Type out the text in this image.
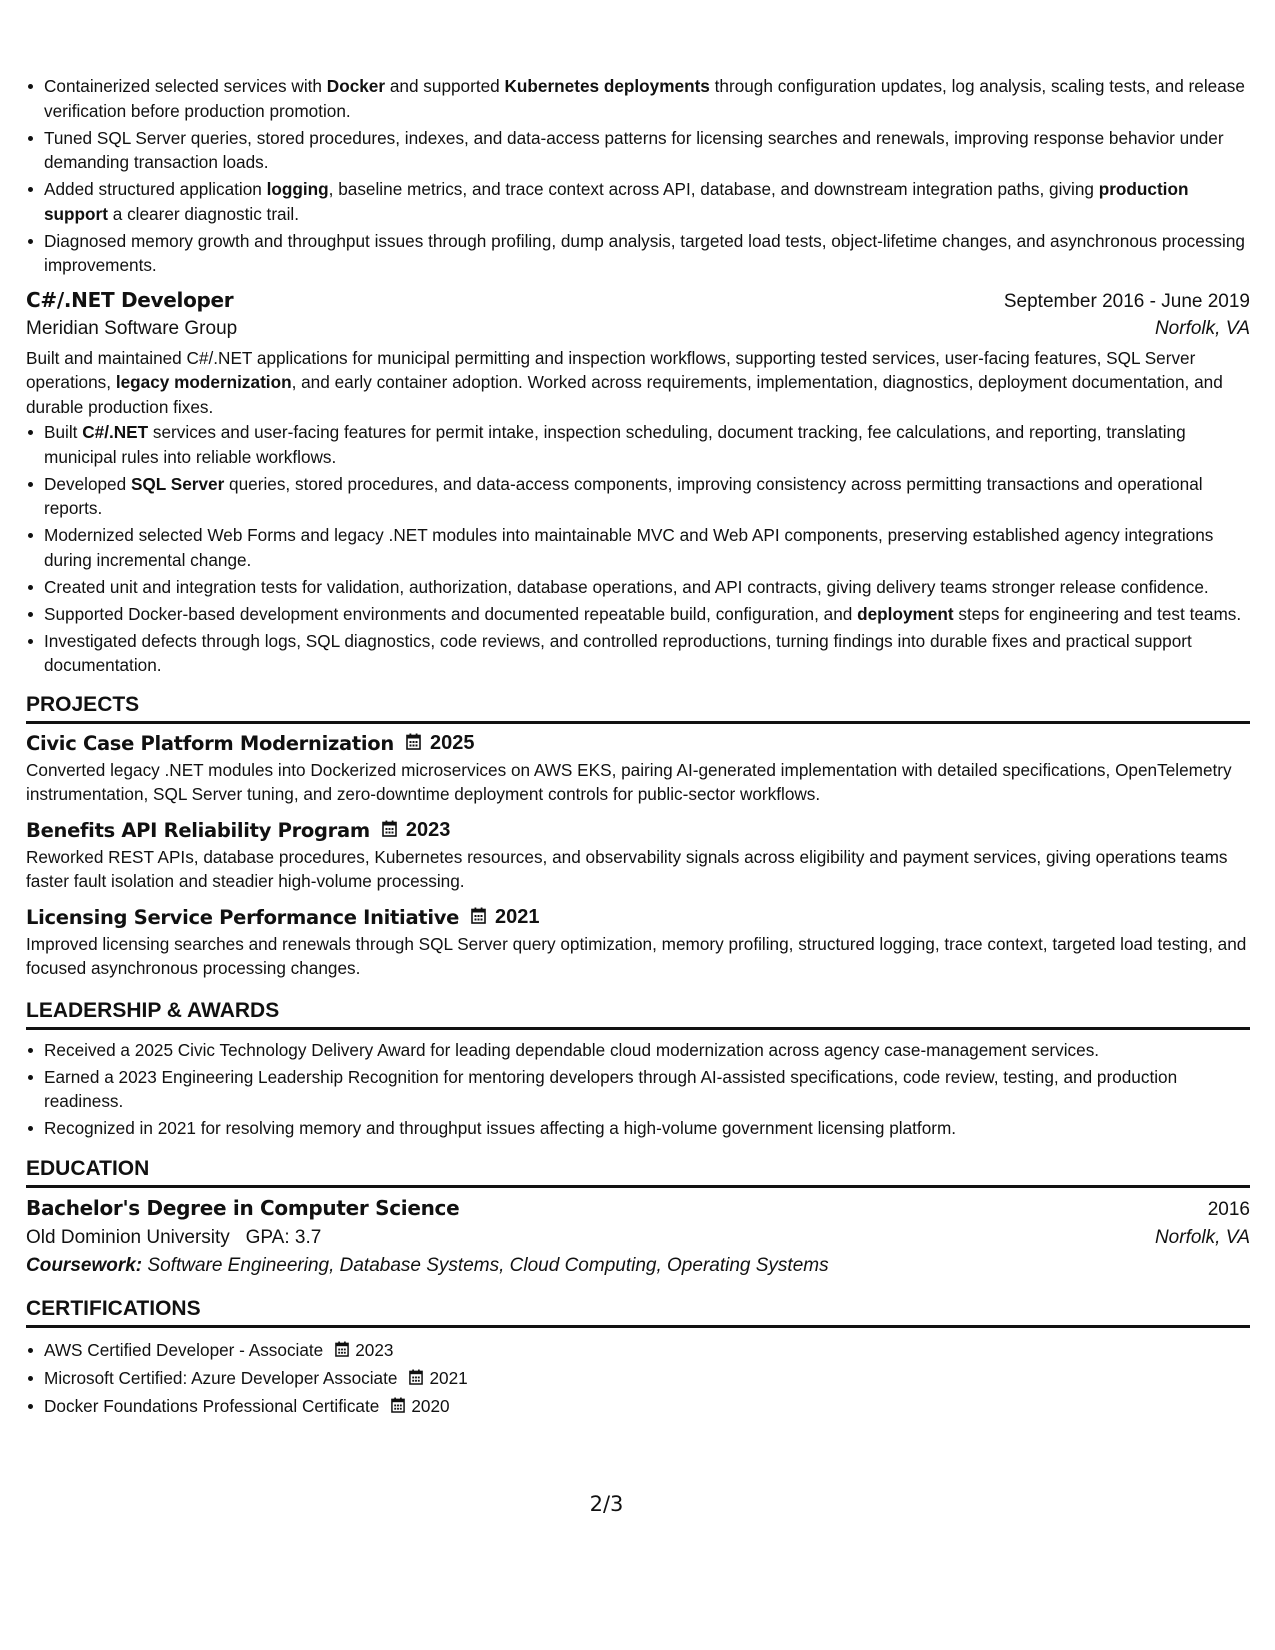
Containerized selected services with Docker and supported Kubernetes deployments through configuration updates, log analysis, scaling tests, and release verification before production promotion.
Tuned SQL Server queries, stored procedures, indexes, and data-access patterns for licensing searches and renewals, improving response behavior under demanding transaction loads.
Added structured application logging, baseline metrics, and trace context across API, database, and downstream integration paths, giving production support a clearer diagnostic trail.
Diagnosed memory growth and throughput issues through profiling, dump analysis, targeted load tests, object-lifetime changes, and asynchronous processing improvements.
C#/.NET Developer	September 2016 - June 2019
Meridian Software Group	Norfolk, VA
Built and maintained C#/.NET applications for municipal permitting and inspection workflows, supporting tested services, user-facing features, SQL Server operations, legacy modernization, and early container adoption. Worked across requirements, implementation, diagnostics, deployment documentation, and durable production fixes.
Built C#/.NET services and user-facing features for permit intake, inspection scheduling, document tracking, fee calculations, and reporting, translating municipal rules into reliable workflows.
Developed SQL Server queries, stored procedures, and data-access components, improving consistency across permitting transactions and operational reports.
Modernized selected Web Forms and legacy .NET modules into maintainable MVC and Web API components, preserving established agency integrations during incremental change.
Created unit and integration tests for validation, authorization, database operations, and API contracts, giving delivery teams stronger release confidence.
Supported Docker-based development environments and documented repeatable build, configuration, and deployment steps for engineering and test teams.
Investigated defects through logs, SQL diagnostics, code reviews, and controlled reproductions, turning findings into durable fixes and practical support documentation.
PROJECTS
Civic Case Platform Modernization 2025
Converted legacy .NET modules into Dockerized microservices on AWS EKS, pairing AI-generated implementation with detailed specifications, OpenTelemetry instrumentation, SQL Server tuning, and zero-downtime deployment controls for public-sector workflows.
Benefits API Reliability Program 2023
Reworked REST APIs, database procedures, Kubernetes resources, and observability signals across eligibility and payment services, giving operations teams faster fault isolation and steadier high-volume processing.
Licensing Service Performance Initiative 2021
Improved licensing searches and renewals through SQL Server query optimization, memory profiling, structured logging, trace context, targeted load testing, and focused asynchronous processing changes.
LEADERSHIP & AWARDS
Received a 2025 Civic Technology Delivery Award for leading dependable cloud modernization across agency case-management services.
Earned a 2023 Engineering Leadership Recognition for mentoring developers through AI-assisted specifications, code review, testing, and production readiness.
Recognized in 2021 for resolving memory and throughput issues affecting a high-volume government licensing platform.
EDUCATION
Bachelor's Degree in Computer Science	2016
Old Dominion University GPA: 3.7	Norfolk, VA
Coursework: Software Engineering, Database Systems, Cloud Computing, Operating Systems
CERTIFICATIONS
AWS Certified Developer - Associate 2023
Microsoft Certified: Azure Developer Associate 2021
Docker Foundations Professional Certificate 2020
2/3
